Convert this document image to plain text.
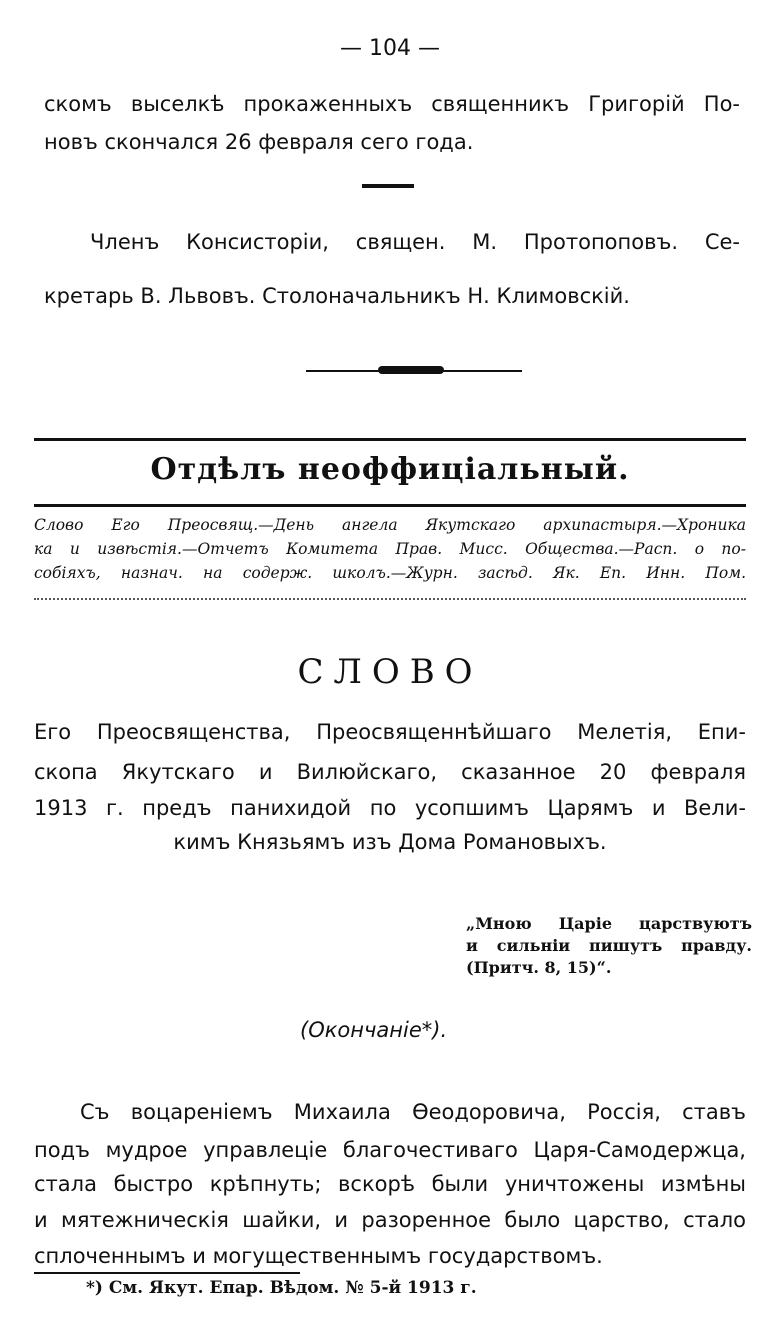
— 104 —
скомъ выселкѣ прокаженныхъ священникъ Григорій По-
новъ скончался 26 февраля сего года.
Членъ Консисторіи, священ. М. Протопоповъ. Се-
кретарь В. Львовъ. Столоначальникъ Н. Климовскій.
Отдѣлъ неоффиціальный.
Слово Его Преосвящ.—День ангела Якутскаго архипастыря.—Хроника
ка и извѣстія.—Отчетъ Комитета Прав. Мисс. Общества.—Расп. о по-
собіяхъ, назнач. на содерж. школъ.—Журн. засѣд. Як. Еп. Инн. Пом.
СЛОВО
Его Преосвященства, Преосвященнѣйшаго Мелетія, Епи-
скопа Якутскаго и Вилюйскаго, сказанное 20 февраля
1913 г. предъ панихидой по усопшимъ Царямъ и Вели-
кимъ Князьямъ изъ Дома Романовыхъ.
„Мною Царіе царствуютъ
и сильніи пишутъ правду.
(Притч. 8, 15)“.
(Окончаніе*).
Съ воцареніемъ Михаила Ѳеодоровича, Россія, ставъ
подъ мудрое управлеціе благочестиваго Царя-Самодержца,
стала быстро крѣпнуть; вскорѣ были уничтожены измѣны
и мятежническія шайки, и разоренное было царство, стало
сплоченнымъ и могущественнымъ государствомъ.
*) См. Якут. Епар. Вѣдом. № 5-й 1913 г.
